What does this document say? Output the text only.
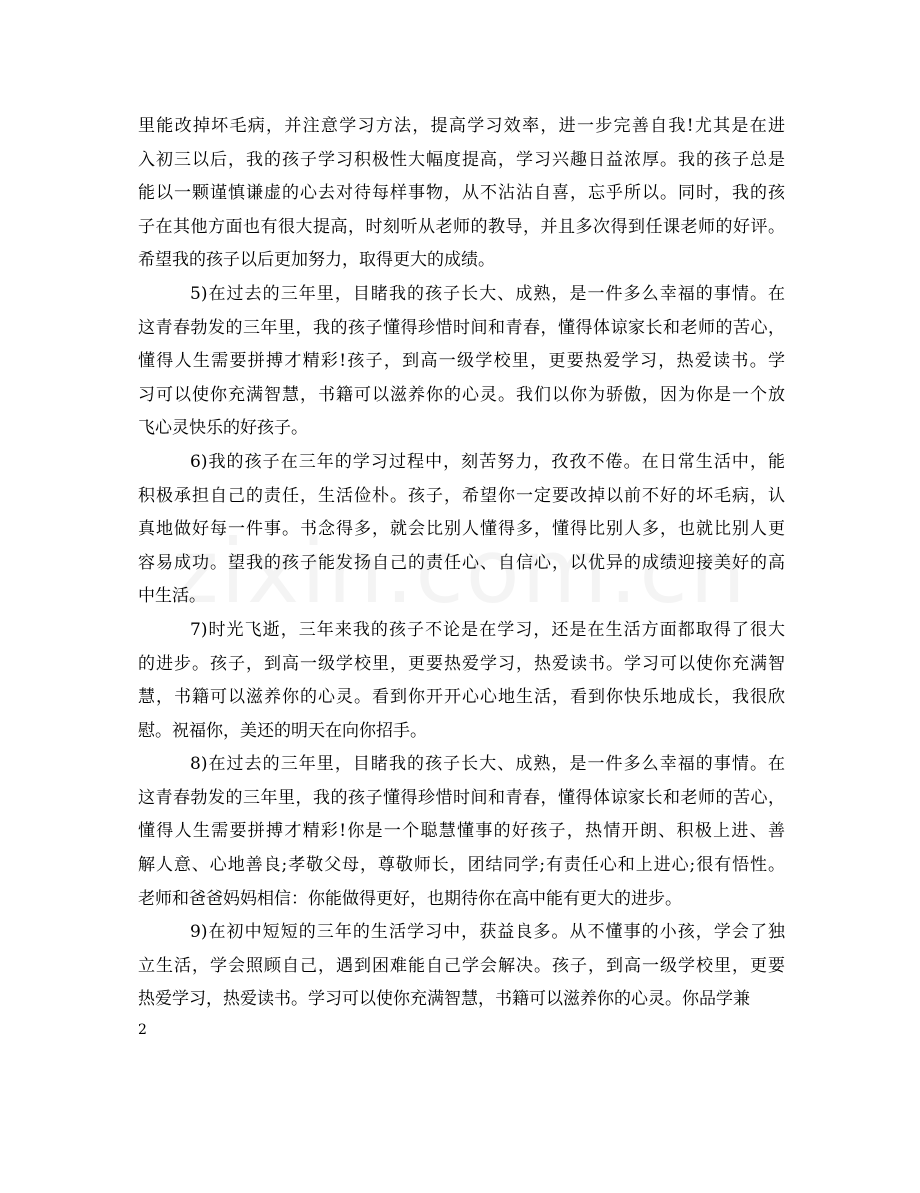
里能改掉坏毛病，并注意学习方法，提高学习效率，进一步完善自我!尤其是在进
入初三以后，我的孩子学习积极性大幅度提高，学习兴趣日益浓厚。我的孩子总是
能以一颗谨慎谦虚的心去对待每样事物，从不沾沾自喜，忘乎所以。同时，我的孩
子在其他方面也有很大提高，时刻听从老师的教导，并且多次得到任课老师的好评。
希望我的孩子以后更加努力，取得更大的成绩。
5)在过去的三年里，目睹我的孩子长大、成熟，是一件多么幸福的事情。在
这青春勃发的三年里，我的孩子懂得珍惜时间和青春，懂得体谅家长和老师的苦心，
懂得人生需要拼搏才精彩!孩子，到高一级学校里，更要热爱学习，热爱读书。学
习可以使你充满智慧，书籍可以滋养你的心灵。我们以你为骄傲，因为你是一个放
飞心灵快乐的好孩子。
6)我的孩子在三年的学习过程中，刻苦努力，孜孜不倦。在日常生活中，能
积极承担自己的责任，生活俭朴。孩子，希望你一定要改掉以前不好的坏毛病，认
真地做好每一件事。书念得多，就会比别人懂得多，懂得比别人多，也就比别人更
容易成功。望我的孩子能发扬自己的责任心、自信心，以优异的成绩迎接美好的高
中生活。
7)时光飞逝，三年来我的孩子不论是在学习，还是在生活方面都取得了很大
的进步。孩子，到高一级学校里，更要热爱学习，热爱读书。学习可以使你充满智
慧，书籍可以滋养你的心灵。看到你开开心心地生活，看到你快乐地成长，我很欣
慰。祝福你，美还的明天在向你招手。
8)在过去的三年里，目睹我的孩子长大、成熟，是一件多么幸福的事情。在
这青春勃发的三年里，我的孩子懂得珍惜时间和青春，懂得体谅家长和老师的苦心，
懂得人生需要拼搏才精彩!你是一个聪慧懂事的好孩子，热情开朗、积极上进、善
解人意、心地善良;孝敬父母，尊敬师长，团结同学;有责任心和上进心;很有悟性。
老师和爸爸妈妈相信：你能做得更好，也期待你在高中能有更大的进步。
9)在初中短短的三年的生活学习中，获益良多。从不懂事的小孩，学会了独
立生活，学会照顾自己，遇到困难能自己学会解决。孩子，到高一级学校里，更要
热爱学习，热爱读书。学习可以使你充满智慧，书籍可以滋养你的心灵。你品学兼
2
